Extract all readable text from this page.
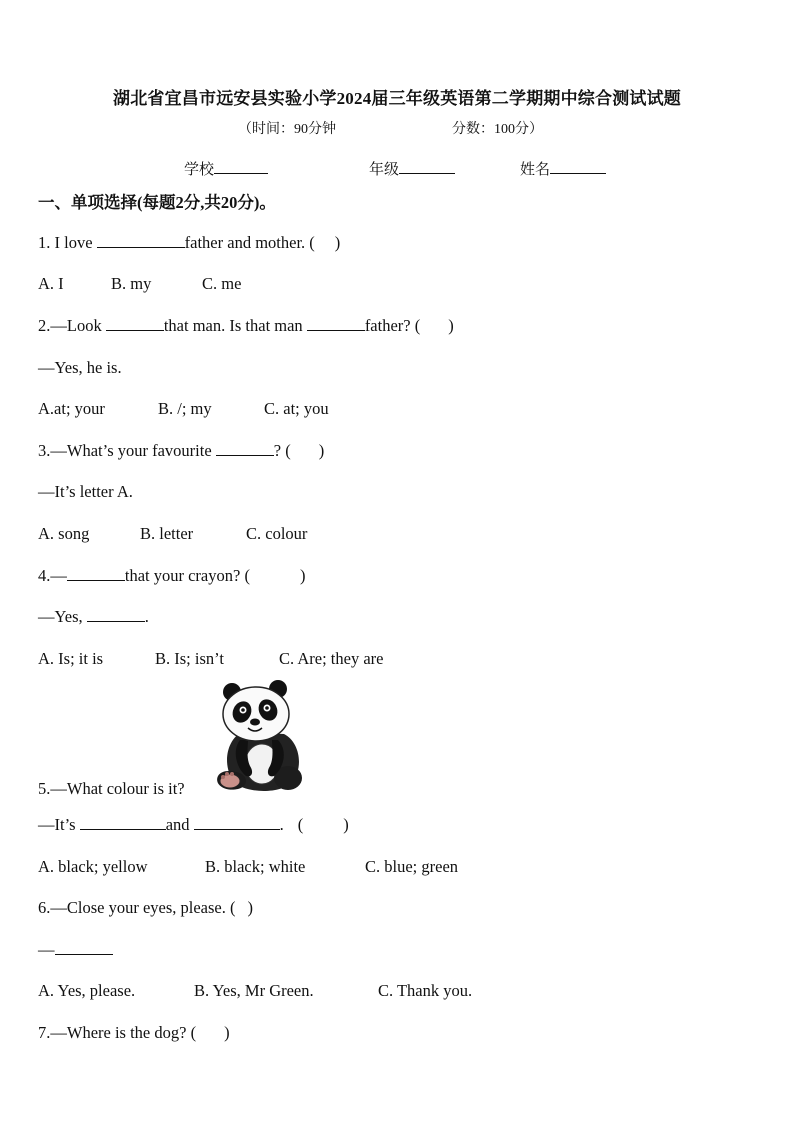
湖北省宜昌市远安县实验小学2024届三年级英语第二学期期中综合测试试题
（时间：90分钟	分数：100分）
学校	年级	姓名
一、单项选择(每题2分,共20分)。
1. I love	father and mother. ( )
A. I	B. my	C. me
2.—Look	that man. Is that man	father? ( )
—Yes, he is.
A.at; your	B. /; my	C. at; you
3.—What’s your favourite	? ( )
—It’s letter A.
A. song	B. letter	C. colour
4.—	that your crayon? (	)
—Yes,	.
A. Is; it is	B. Is; isn’t	C. Are; they are
5.—What colour is it?
—It’s	and	. ( )
A. black; yellow	B. black; white	C. blue; green
6.—Close your eyes, please. ( )
—
A. Yes, please.	B. Yes, Mr Green.	C. Thank you.
7.—Where is the dog? ( )
